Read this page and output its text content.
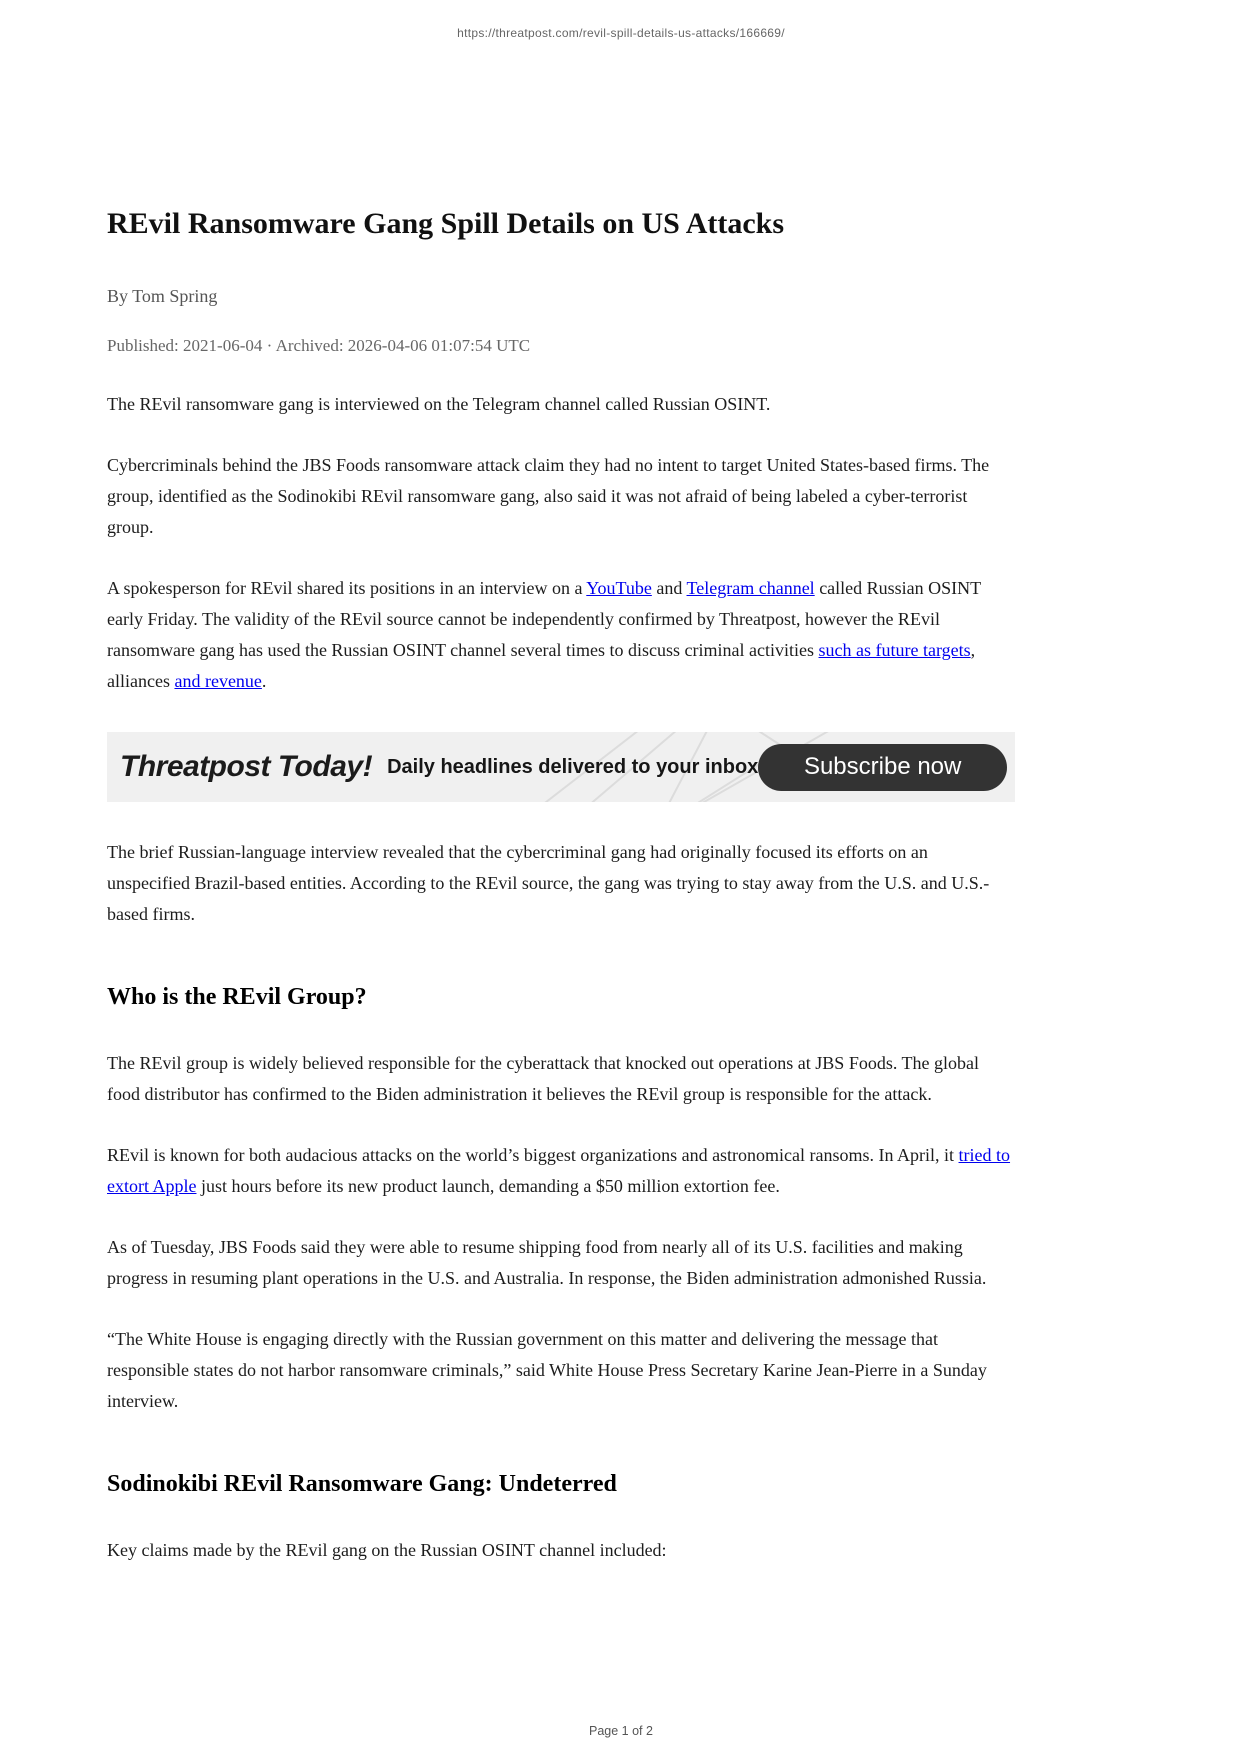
https://threatpost.com/revil-spill-details-us-attacks/166669/
REvil Ransomware Gang Spill Details on US Attacks
By Tom Spring
Published: 2021-06-04 · Archived: 2026-04-06 01:07:54 UTC

The REvil ransomware gang is interviewed on the Telegram channel called Russian OSINT.

Cybercriminals behind the JBS Foods ransomware attack claim they had no intent to target United States-based firms. The group, identified as the Sodinokibi REvil ransomware gang, also said it was not afraid of being labeled a cyber-terrorist group.

A spokesperson for REvil shared its positions in an interview on a YouTube and Telegram channel called Russian OSINT early Friday. The validity of the REvil source cannot be independently confirmed by Threatpost, however the REvil ransomware gang has used the Russian OSINT channel several times to discuss criminal activities such as future targets, alliances and revenue.

Threatpost Today! Daily headlines delivered to your inbox	Subscribe now

The brief Russian-language interview revealed that the cybercriminal gang had originally focused its efforts on an unspecified Brazil-based entities. According to the REvil source, the gang was trying to stay away from the U.S. and U.S.-based firms.

Who is the REvil Group?

The REvil group is widely believed responsible for the cyberattack that knocked out operations at JBS Foods. The global food distributor has confirmed to the Biden administration it believes the REvil group is responsible for the attack.

REvil is known for both audacious attacks on the world’s biggest organizations and astronomical ransoms. In April, it tried to extort Apple just hours before its new product launch, demanding a $50 million extortion fee.

As of Tuesday, JBS Foods said they were able to resume shipping food from nearly all of its U.S. facilities and making progress in resuming plant operations in the U.S. and Australia. In response, the Biden administration admonished Russia.

“The White House is engaging directly with the Russian government on this matter and delivering the message that responsible states do not harbor ransomware criminals,” said White House Press Secretary Karine Jean-Pierre in a Sunday interview.

Sodinokibi REvil Ransomware Gang: Undeterred

Key claims made by the REvil gang on the Russian OSINT channel included:

Page 1 of 2
